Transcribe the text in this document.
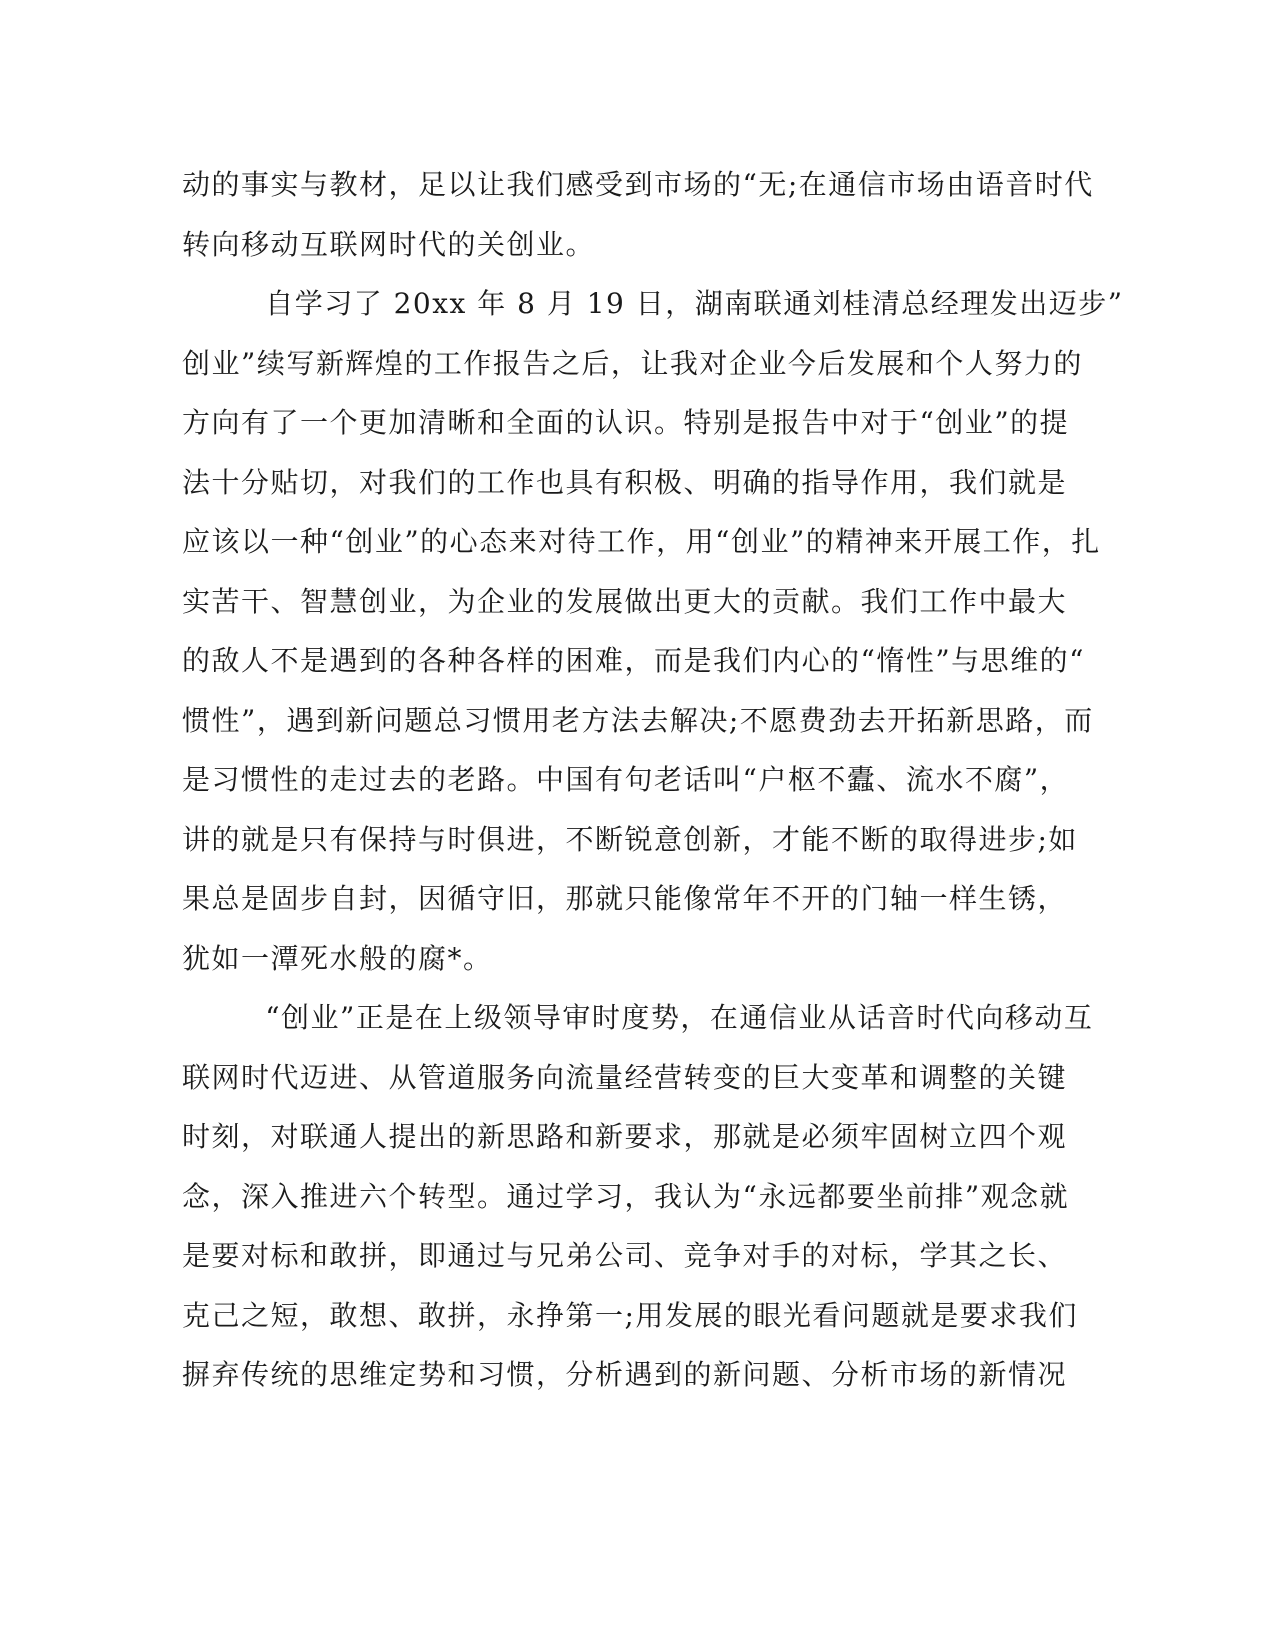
动的事实与教材，足以让我们感受到市场的“无;在通信市场由语音时代
转向移动互联网时代的关创业。
自学习了 20xx 年 8 月 19 日，湖南联通刘桂清总经理发出迈步”
创业”续写新辉煌的工作报告之后，让我对企业今后发展和个人努力的
方向有了一个更加清晰和全面的认识。特别是报告中对于“创业”的提
法十分贴切，对我们的工作也具有积极、明确的指导作用，我们就是
应该以一种“创业”的心态来对待工作，用“创业”的精神来开展工作，扎
实苦干、智慧创业，为企业的发展做出更大的贡献。我们工作中最大
的敌人不是遇到的各种各样的困难，而是我们内心的“惰性”与思维的“
惯性”，遇到新问题总习惯用老方法去解决;不愿费劲去开拓新思路，而
是习惯性的走过去的老路。中国有句老话叫“户枢不蠹、流水不腐”，
讲的就是只有保持与时俱进，不断锐意创新，才能不断的取得进步;如
果总是固步自封，因循守旧，那就只能像常年不开的门轴一样生锈，
犹如一潭死水般的腐*。
“创业”正是在上级领导审时度势，在通信业从话音时代向移动互
联网时代迈进、从管道服务向流量经营转变的巨大变革和调整的关键
时刻，对联通人提出的新思路和新要求，那就是必须牢固树立四个观
念，深入推进六个转型。通过学习，我认为“永远都要坐前排”观念就
是要对标和敢拼，即通过与兄弟公司、竞争对手的对标，学其之长、
克己之短，敢想、敢拼，永挣第一;用发展的眼光看问题就是要求我们
摒弃传统的思维定势和习惯，分析遇到的新问题、分析市场的新情况
